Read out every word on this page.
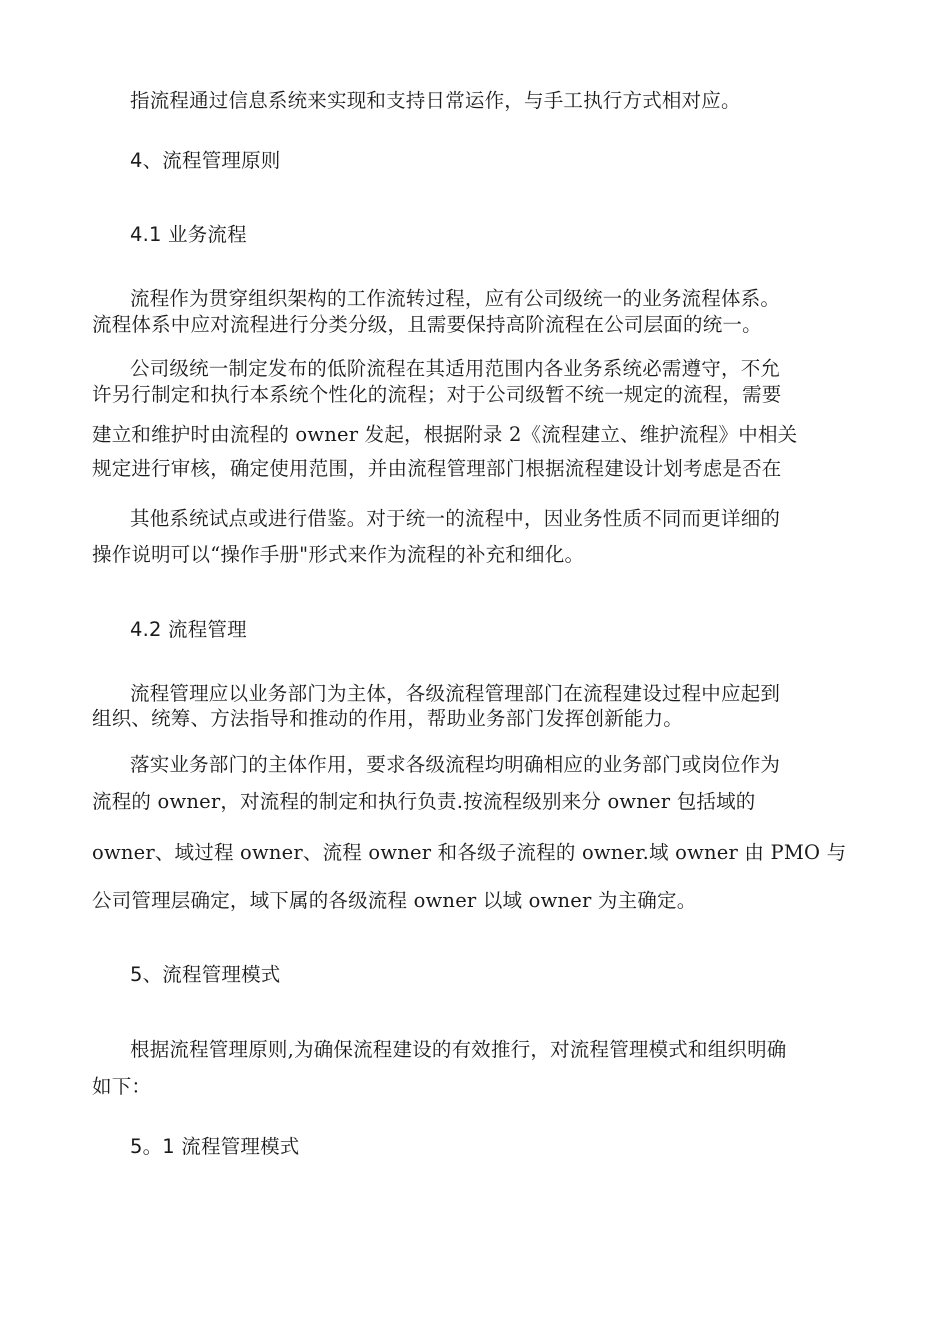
指流程通过信息系统来实现和支持日常运作，与手工执行方式相对应。
4、流程管理原则
4.1 业务流程
流程作为贯穿组织架构的工作流转过程，应有公司级统一的业务流程体系。
流程体系中应对流程进行分类分级，且需要保持高阶流程在公司层面的统一。
公司级统一制定发布的低阶流程在其适用范围内各业务系统必需遵守，不允
许另行制定和执行本系统个性化的流程；对于公司级暂不统一规定的流程，需要
建立和维护时由流程的 owner 发起，根据附录 2《流程建立、维护流程》中相关
规定进行审核，确定使用范围，并由流程管理部门根据流程建设计划考虑是否在
其他系统试点或进行借鉴。对于统一的流程中，因业务性质不同而更详细的
操作说明可以“操作手册"形式来作为流程的补充和细化。
4.2 流程管理
流程管理应以业务部门为主体，各级流程管理部门在流程建设过程中应起到
组织、统筹、方法指导和推动的作用，帮助业务部门发挥创新能力。
落实业务部门的主体作用，要求各级流程均明确相应的业务部门或岗位作为
流程的 owner，对流程的制定和执行负责.按流程级别来分 owner 包括域的
owner、域过程 owner、流程 owner 和各级子流程的 owner.域 owner 由 PMO 与
公司管理层确定，域下属的各级流程 owner 以域 owner 为主确定。
5、流程管理模式
根据流程管理原则,为确保流程建设的有效推行，对流程管理模式和组织明确
如下：
5。1 流程管理模式
